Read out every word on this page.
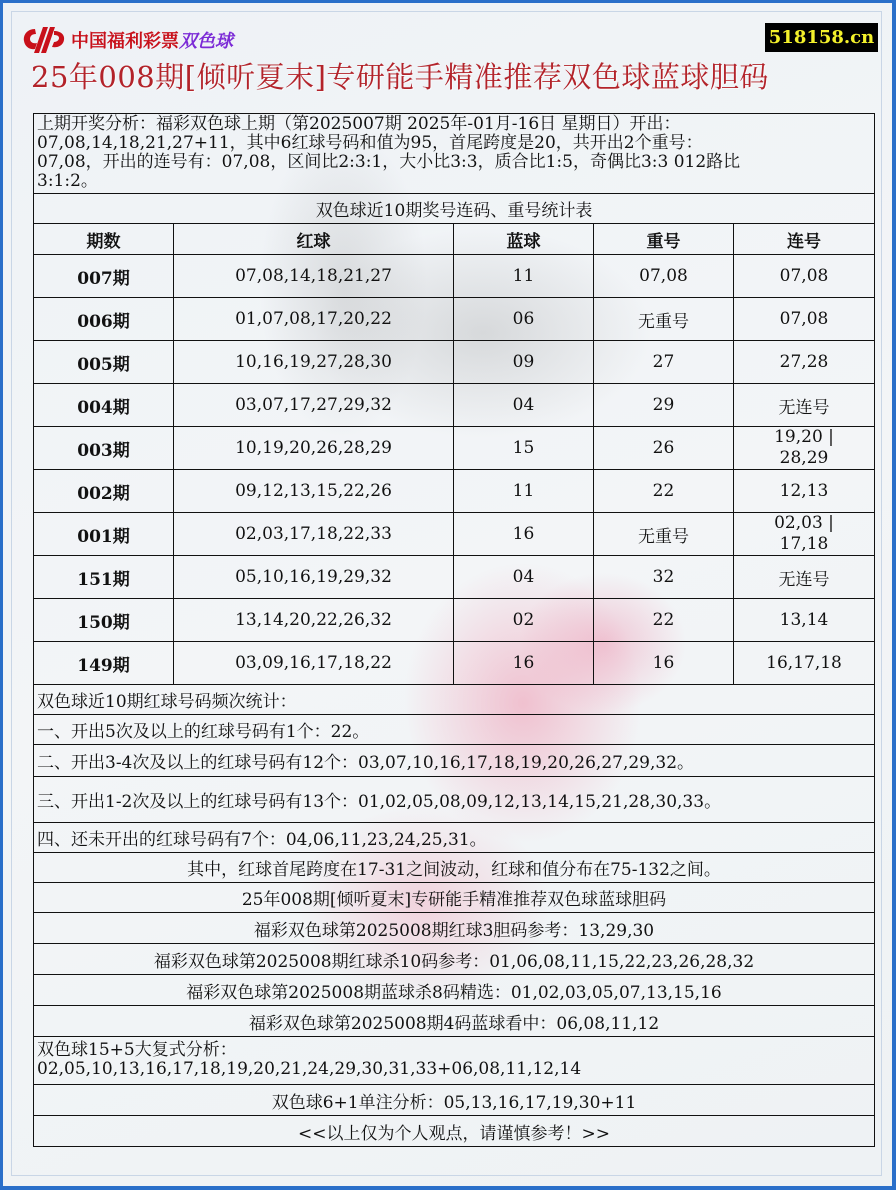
中国福利彩票双色球	518158.cn
25年008期[倾听夏末]专研能手精准推荐双色球蓝球胆码
上期开奖分析：福彩双色球上期（第2025007期 2025年-01月-16日 星期日）开出：
07,08,14,18,21,27+11，其中6红球号码和值为95，首尾跨度是20，共开出2个重号：
07,08，开出的连号有：07,08，区间比2:3:1，大小比3:3，质合比1:5，奇偶比3:3 012路比
3:1:2。				

双色球近10期奖号连码、重号统计表				
期数	红球	蓝球	重号	连号
007期	07,08,14,18,21,27	11	07,08	07,08
006期	01,07,08,17,20,22	06	无重号	07,08
005期	10,16,19,27,28,30	09	27	27,28
004期	03,07,17,27,29,32	04	29	无连号
003期	10,19,20,26,28,29	15	26	19,20 |
28,29

002期	09,12,13,15,22,26	11	22	12,13
001期	02,03,17,18,22,33	16	无重号	02,03 |
17,18

151期	05,10,16,19,29,32	04	32	无连号
150期	13,14,20,22,26,32	02	22	13,14
149期	03,09,16,17,18,22	16	16	16,17,18
双色球近10期红球号码频次统计：				
一、开出5次及以上的红球号码有1个：22。				
二、开出3-4次及以上的红球号码有12个：03,07,10,16,17,18,19,20,26,27,29,32。				
三、开出1-2次及以上的红球号码有13个：01,02,05,08,09,12,13,14,15,21,28,30,33。				
四、还未开出的红球号码有7个：04,06,11,23,24,25,31。				
其中，红球首尾跨度在17-31之间波动，红球和值分布在75-132之间。				
25年008期[倾听夏末]专研能手精准推荐双色球蓝球胆码				
福彩双色球第2025008期红球3胆码参考：13,29,30				
福彩双色球第2025008期红球杀10码参考：01,06,08,11,15,22,23,26,28,32				
福彩双色球第2025008期蓝球杀8码精选：01,02,03,05,07,13,15,16				
福彩双色球第2025008期4码蓝球看中：06,08,11,12				

双色球15+5大复式分析：
02,05,10,13,16,17,18,19,20,21,24,29,30,31,33+06,08,11,12,14				

双色球6+1单注分析：05,13,16,17,19,30+11				
<<以上仅为个人观点，请谨慎参考！>>				
